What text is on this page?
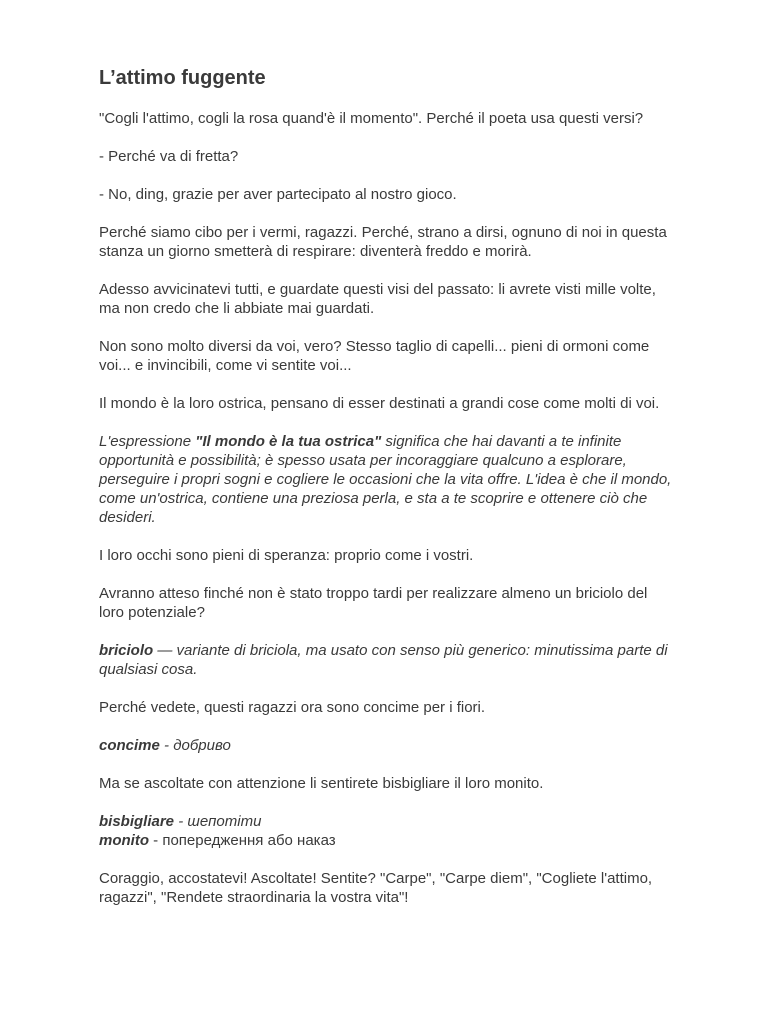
L’attimo fuggente
"Cogli l'attimo, cogli la rosa quand'è il momento". Perché il poeta usa questi versi?
- Perché va di fretta?
- No, ding, grazie per aver partecipato al nostro gioco.
Perché siamo cibo per i vermi, ragazzi. Perché, strano a dirsi, ognuno di noi in questa stanza un giorno smetterà di respirare: diventerà freddo e morirà.
Adesso avvicinatevi tutti, e guardate questi visi del passato: li avrete visti mille volte, ma non credo che li abbiate mai guardati.
Non sono molto diversi da voi, vero? Stesso taglio di capelli... pieni di ormoni come voi... e invincibili, come vi sentite voi...
Il mondo è la loro ostrica, pensano di esser destinati a grandi cose come molti di voi.
L'espressione "Il mondo è la tua ostrica" significa che hai davanti a te infinite opportunità e possibilità; è spesso usata per incoraggiare qualcuno a esplorare, perseguire i propri sogni e cogliere le occasioni che la vita offre. L'idea è che il mondo, come un'ostrica, contiene una preziosa perla, e sta a te scoprire e ottenere ciò che desideri.
I loro occhi sono pieni di speranza: proprio come i vostri.
Avranno atteso finché non è stato troppo tardi per realizzare almeno un briciolo del loro potenziale?
briciolo — variante di briciola, ma usato con senso più generico: minutissima parte di qualsiasi cosa.
Perché vedete, questi ragazzi ora sono concime per i fiori.
concime - добриво
Ma se ascoltate con attenzione li sentirete bisbigliare il loro monito.
bisbigliare - шепотіти
monito - попередження або наказ
Coraggio, accostatevi! Ascoltate! Sentite? "Carpe", "Carpe diem", "Cogliete l'attimo, ragazzi", "Rendete straordinaria la vostra vita"!
